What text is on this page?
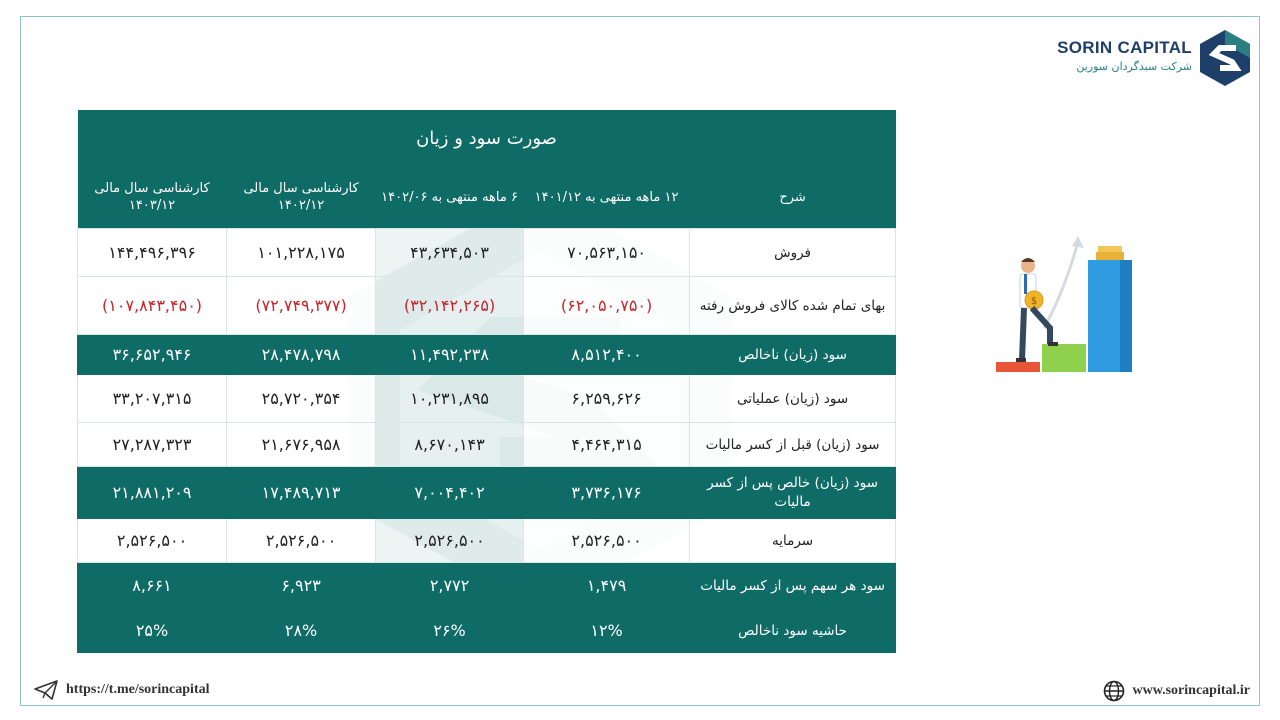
SORIN CAPITAL
شرکت سبدگردان سورین
صورت سود و زیان				
شرح	۱۲ ماهه منتهی به ۱۴۰۱/۱۲	۶ ماهه منتهی به ۱۴۰۲/۰۶	کارشناسی سال مالی ۱۴۰۲/۱۲	کارشناسی سال مالی ۱۴۰۳/۱۲
فروش	۷۰,۵۶۳,۱۵۰	۴۳,۶۳۴,۵۰۳	۱۰۱,۲۲۸,۱۷۵	۱۴۴,۴۹۶,۳۹۶
بهای تمام شده کالای فروش رفته	(۶۲,۰۵۰,۷۵۰)	(۳۲,۱۴۲,۲۶۵)	(۷۲,۷۴۹,۳۷۷)	(۱۰۷,۸۴۳,۴۵۰)
سود (زیان) ناخالص	۸,۵۱۲,۴۰۰	۱۱,۴۹۲,۲۳۸	۲۸,۴۷۸,۷۹۸	۳۶,۶۵۲,۹۴۶
سود (زیان) عملیاتی	۶,۲۵۹,۶۲۶	۱۰,۲۳۱,۸۹۵	۲۵,۷۲۰,۳۵۴	۳۳,۲۰۷,۳۱۵
سود (زیان) قبل از کسر مالیات	۴,۴۶۴,۳۱۵	۸,۶۷۰,۱۴۳	۲۱,۶۷۶,۹۵۸	۲۷,۲۸۷,۳۲۳
سود (زیان) خالص پس از کسر مالیات	۳,۷۳۶,۱۷۶	۷,۰۰۴,۴۰۲	۱۷,۴۸۹,۷۱۳	۲۱,۸۸۱,۲۰۹
سرمایه	۲,۵۲۶,۵۰۰	۲,۵۲۶,۵۰۰	۲,۵۲۶,۵۰۰	۲,۵۲۶,۵۰۰
سود هر سهم پس از کسر مالیات	۱,۴۷۹	۲,۷۷۲	۶,۹۲۳	۸,۶۶۱
حاشیه سود ناخالص	۱۲%	۲۶%	۲۸%	۲۵%
$
https://t.me/sorincapital	www.sorincapital.ir
